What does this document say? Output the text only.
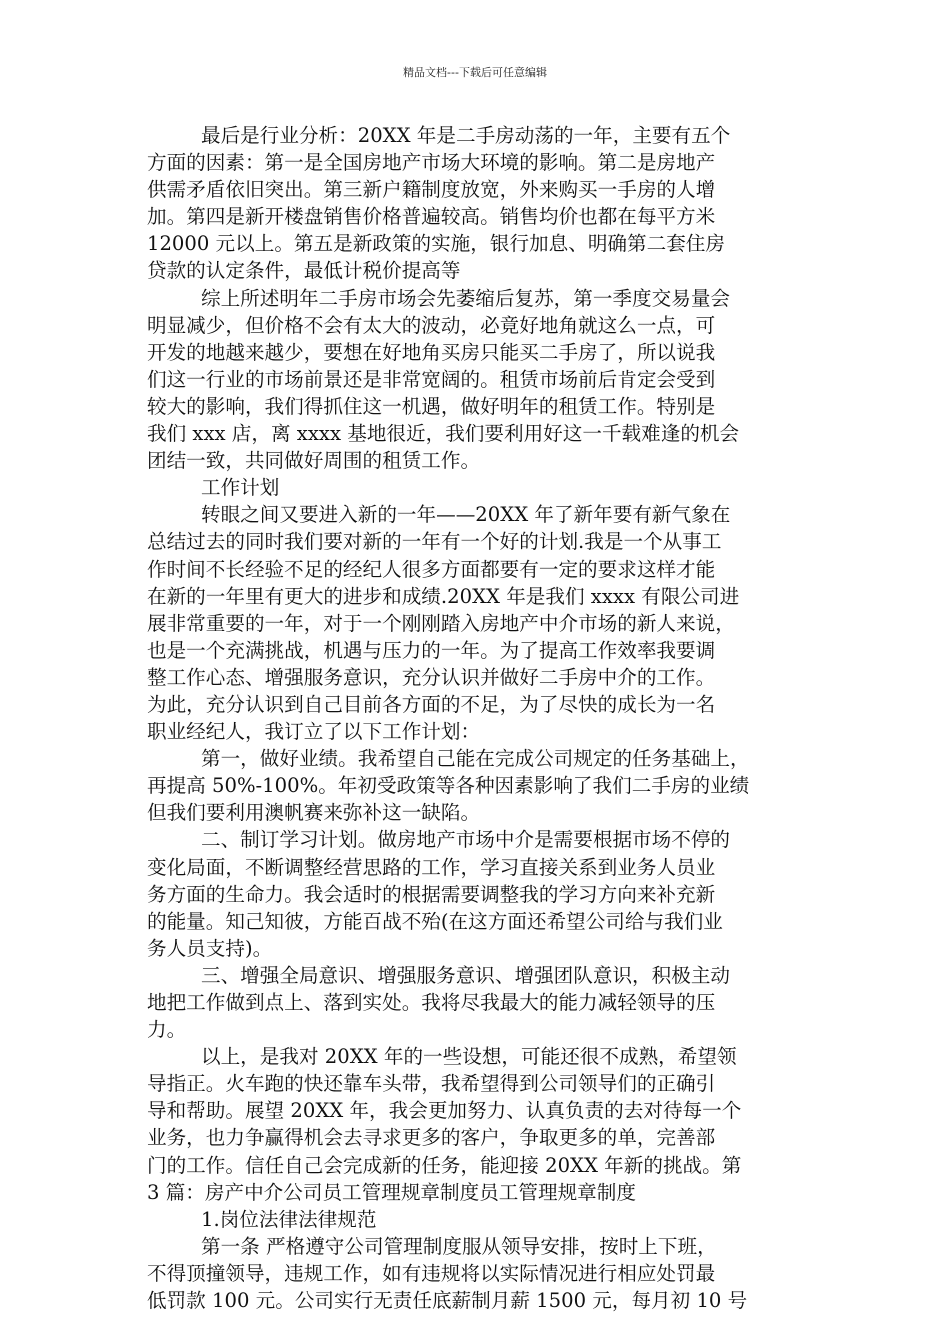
精品文档---下载后可任意编辑
最后是行业分析：20XX 年是二手房动荡的一年，主要有五个
方面的因素：第一是全国房地产市场大环境的影响。第二是房地产
供需矛盾依旧突出。第三新户籍制度放宽，外来购买一手房的人增
加。第四是新开楼盘销售价格普遍较高。销售均价也都在每平方米
12000 元以上。第五是新政策的实施，银行加息、明确第二套住房
贷款的认定条件，最低计税价提高等
综上所述明年二手房市场会先萎缩后复苏，第一季度交易量会
明显减少，但价格不会有太大的波动，必竟好地角就这么一点，可
开发的地越来越少，要想在好地角买房只能买二手房了，所以说我
们这一行业的市场前景还是非常宽阔的。租赁市场前后肯定会受到
较大的影响，我们得抓住这一机遇，做好明年的租赁工作。特别是
我们 xxx 店，离 xxxx 基地很近，我们要利用好这一千载难逢的机会
团结一致，共同做好周围的租赁工作。
工作计划
转眼之间又要进入新的一年——20XX 年了新年要有新气象在
总结过去的同时我们要对新的一年有一个好的计划.我是一个从事工
作时间不长经验不足的经纪人很多方面都要有一定的要求这样才能
在新的一年里有更大的进步和成绩.20XX 年是我们 xxxx 有限公司进
展非常重要的一年，对于一个刚刚踏入房地产中介市场的新人来说，
也是一个充满挑战，机遇与压力的一年。为了提高工作效率我要调
整工作心态、增强服务意识，充分认识并做好二手房中介的工作。
为此，充分认识到自己目前各方面的不足，为了尽快的成长为一名
职业经纪人，我订立了以下工作计划：
第一，做好业绩。我希望自己能在完成公司规定的任务基础上，
再提高 50%-100%。年初受政策等各种因素影响了我们二手房的业绩
但我们要利用澳帆赛来弥补这一缺陷。
二、制订学习计划。做房地产市场中介是需要根据市场不停的
变化局面，不断调整经营思路的工作，学习直接关系到业务人员业
务方面的生命力。我会适时的根据需要调整我的学习方向来补充新
的能量。知己知彼，方能百战不殆(在这方面还希望公司给与我们业
务人员支持)。
三、增强全局意识、增强服务意识、增强团队意识，积极主动
地把工作做到点上、落到实处。我将尽我最大的能力减轻领导的压
力。
以上，是我对 20XX 年的一些设想，可能还很不成熟，希望领
导指正。火车跑的快还靠车头带，我希望得到公司领导们的正确引
导和帮助。展望 20XX 年，我会更加努力、认真负责的去对待每一个
业务，也力争赢得机会去寻求更多的客户，争取更多的单，完善部
门的工作。信任自己会完成新的任务，能迎接 20XX 年新的挑战。第
3 篇：房产中介公司员工管理规章制度员工管理规章制度
1.岗位法律法律规范
第一条 严格遵守公司管理制度服从领导安排，按时上下班，
不得顶撞领导，违规工作，如有违规将以实际情况进行相应处罚最
低罚款 100 元。公司实行无责任底薪制月薪 1500 元，每月初 10 号
